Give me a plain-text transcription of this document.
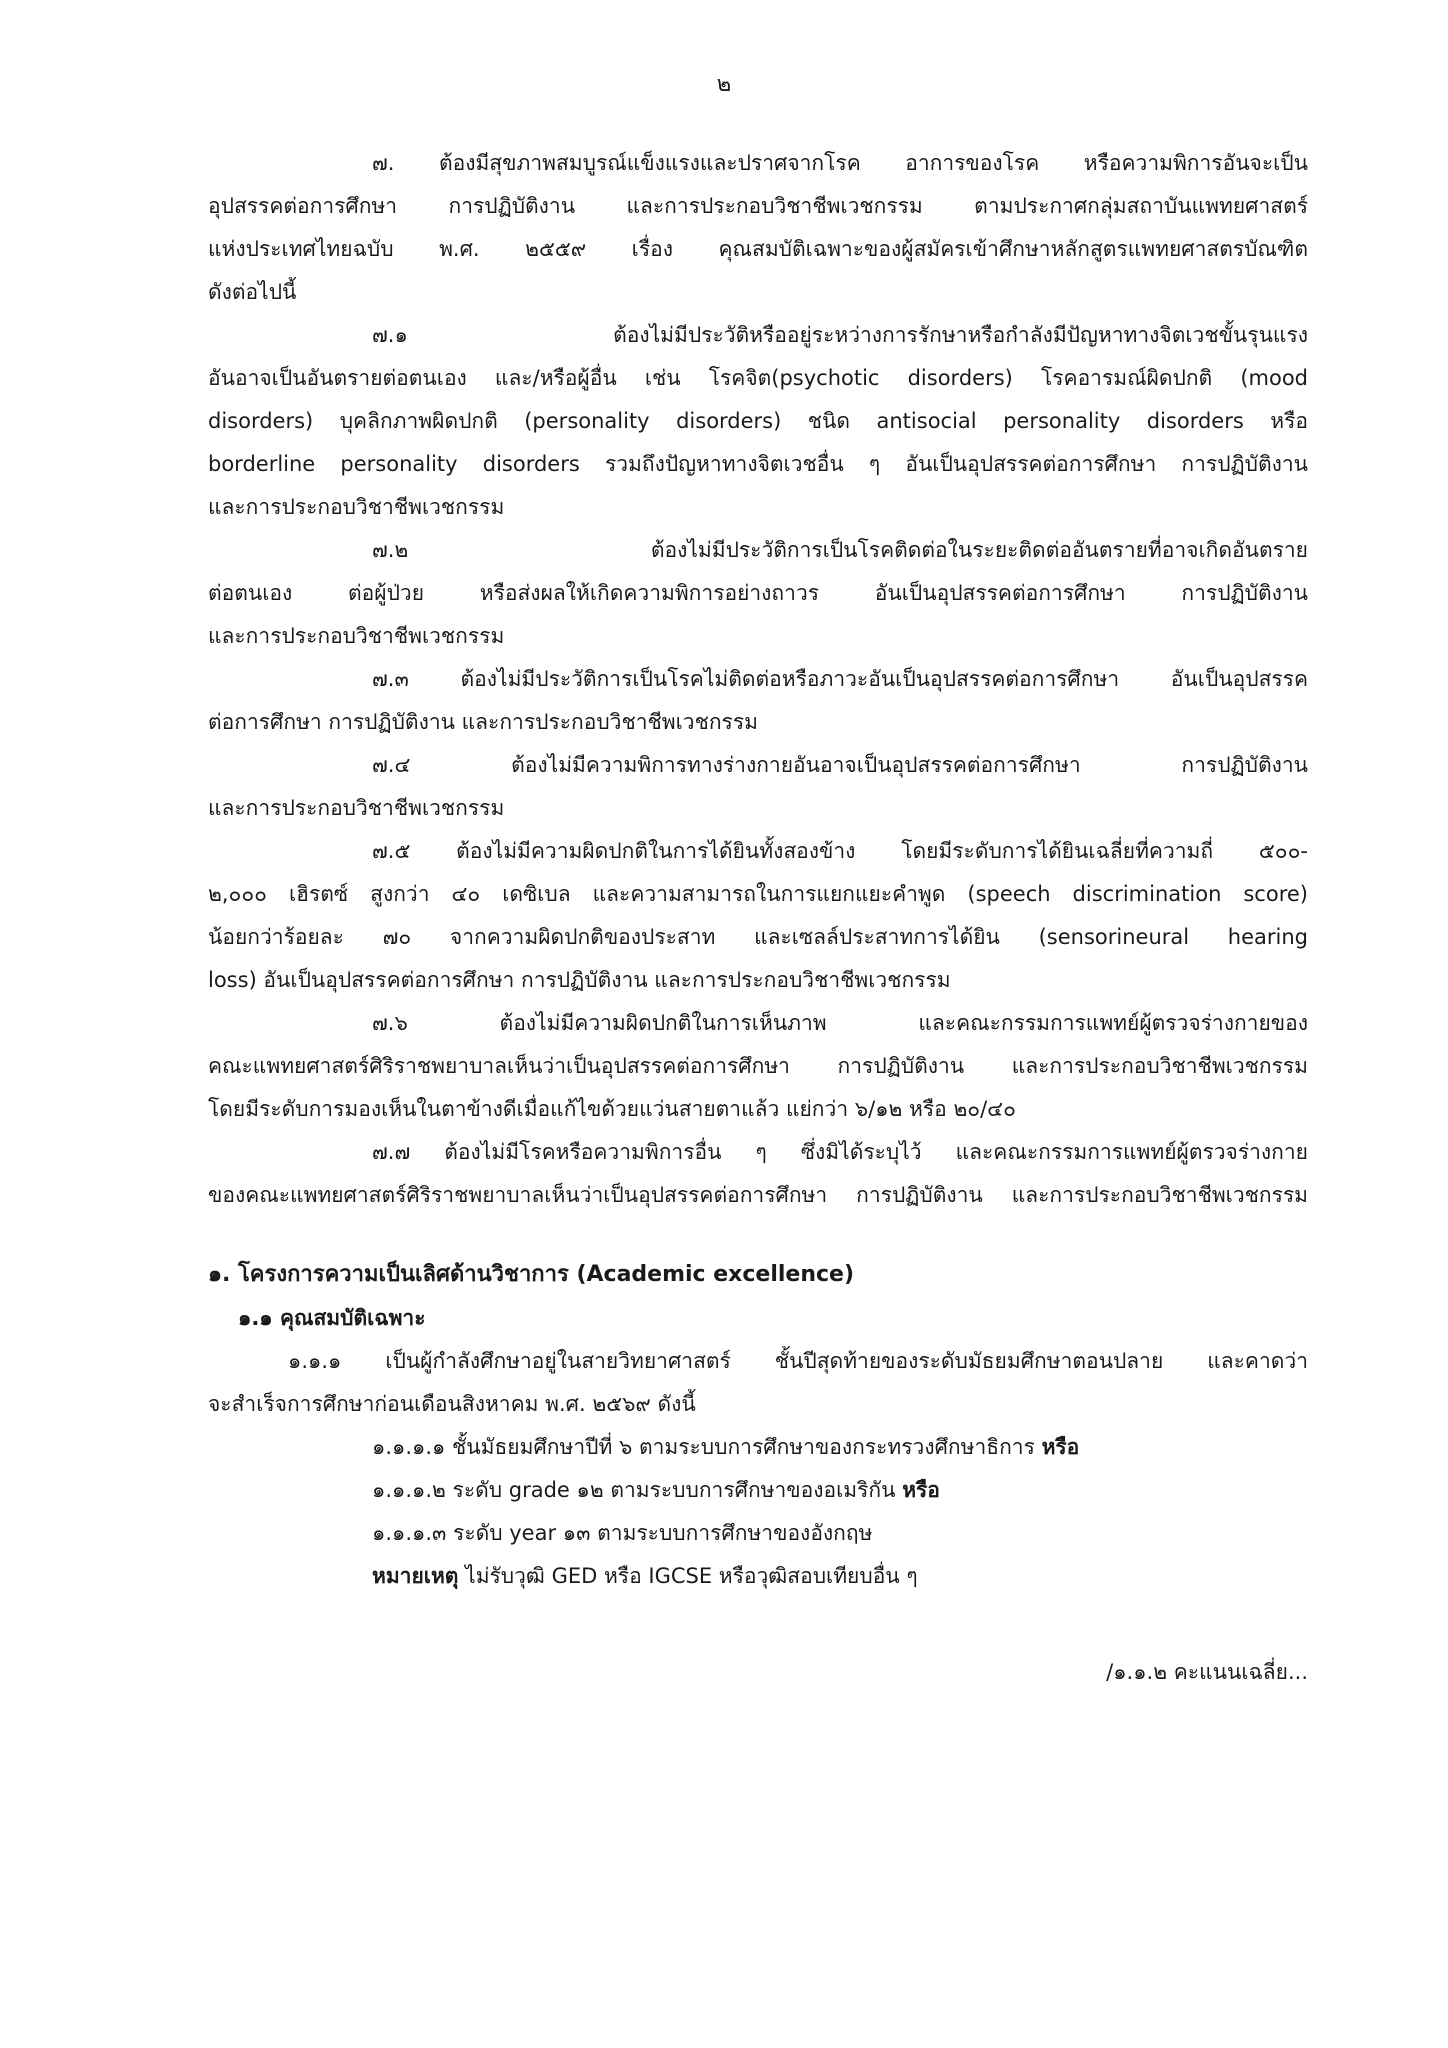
๒
๗. ต้องมีสุขภาพสมบูรณ์แข็งแรงและปราศจากโรค อาการของโรค หรือความพิการอันจะเป็น
อุปสรรคต่อการศึกษา การปฏิบัติงาน และการประกอบวิชาชีพเวชกรรม ตามประกาศกลุ่มสถาบันแพทยศาสตร์
แห่งประเทศไทยฉบับ พ.ศ. ๒๕๕๙ เรื่อง คุณสมบัติเฉพาะของผู้สมัครเข้าศึกษาหลักสูตรแพทยศาสตรบัณฑิต
ดังต่อไปนี้
๗.๑ ต้องไม่มีประวัติหรืออยู่ระหว่างการรักษาหรือกำลังมีปัญหาทางจิตเวชขั้นรุนแรง
อันอาจเป็นอันตรายต่อตนเอง และ/หรือผู้อื่น เช่น โรคจิต(psychotic disorders) โรคอารมณ์ผิดปกติ (mood
disorders) บุคลิกภาพผิดปกติ (personality disorders) ชนิด antisocial personality disorders หรือ
borderline personality disorders รวมถึงปัญหาทางจิตเวชอื่น ๆ อันเป็นอุปสรรคต่อการศึกษา การปฏิบัติงาน
และการประกอบวิชาชีพเวชกรรม
๗.๒ ต้องไม่มีประวัติการเป็นโรคติดต่อในระยะติดต่ออันตรายที่อาจเกิดอันตราย
ต่อตนเอง ต่อผู้ป่วย หรือส่งผลให้เกิดความพิการอย่างถาวร อันเป็นอุปสรรคต่อการศึกษา การปฏิบัติงาน
และการประกอบวิชาชีพเวชกรรม
๗.๓ ต้องไม่มีประวัติการเป็นโรคไม่ติดต่อหรือภาวะอันเป็นอุปสรรคต่อการศึกษา อันเป็นอุปสรรค
ต่อการศึกษา การปฏิบัติงาน และการประกอบวิชาชีพเวชกรรม
๗.๔ ต้องไม่มีความพิการทางร่างกายอันอาจเป็นอุปสรรคต่อการศึกษา การปฏิบัติงาน
และการประกอบวิชาชีพเวชกรรม
๗.๕ ต้องไม่มีความผิดปกติในการได้ยินทั้งสองข้าง โดยมีระดับการได้ยินเฉลี่ยที่ความถี่ ๕๐๐-
๒,๐๐๐ เฮิรตซ์ สูงกว่า ๔๐ เดซิเบล และความสามารถในการแยกแยะคำพูด (speech discrimination score)
น้อยกว่าร้อยละ ๗๐ จากความผิดปกติของประสาท และเซลล์ประสาทการได้ยิน (sensorineural hearing
loss) อันเป็นอุปสรรคต่อการศึกษา การปฏิบัติงาน และการประกอบวิชาชีพเวชกรรม
๗.๖ ต้องไม่มีความผิดปกติในการเห็นภาพ และคณะกรรมการแพทย์ผู้ตรวจร่างกายของ
คณะแพทยศาสตร์ศิริราชพยาบาลเห็นว่าเป็นอุปสรรคต่อการศึกษา การปฏิบัติงาน และการประกอบวิชาชีพเวชกรรม
โดยมีระดับการมองเห็นในตาข้างดีเมื่อแก้ไขด้วยแว่นสายตาแล้ว แย่กว่า ๖/๑๒ หรือ ๒๐/๔๐
๗.๗ ต้องไม่มีโรคหรือความพิการอื่น ๆ ซึ่งมิได้ระบุไว้ และคณะกรรมการแพทย์ผู้ตรวจร่างกาย
ของคณะแพทยศาสตร์ศิริราชพยาบาลเห็นว่าเป็นอุปสรรคต่อการศึกษา การปฏิบัติงาน และการประกอบวิชาชีพเวชกรรม
๑. โครงการความเป็นเลิศด้านวิชาการ (Academic excellence)
๑.๑ คุณสมบัติเฉพาะ
๑.๑.๑ เป็นผู้กำลังศึกษาอยู่ในสายวิทยาศาสตร์ ชั้นปีสุดท้ายของระดับมัธยมศึกษาตอนปลาย และคาดว่า
จะสำเร็จการศึกษาก่อนเดือนสิงหาคม พ.ศ. ๒๕๖๙ ดังนี้
๑.๑.๑.๑ ชั้นมัธยมศึกษาปีที่ ๖ ตามระบบการศึกษาของกระทรวงศึกษาธิการ หรือ
๑.๑.๑.๒ ระดับ grade ๑๒ ตามระบบการศึกษาของอเมริกัน หรือ
๑.๑.๑.๓ ระดับ year ๑๓ ตามระบบการศึกษาของอังกฤษ
หมายเหตุ ไม่รับวุฒิ GED หรือ IGCSE หรือวุฒิสอบเทียบอื่น ๆ
/๑.๑.๒ คะแนนเฉลี่ย...
